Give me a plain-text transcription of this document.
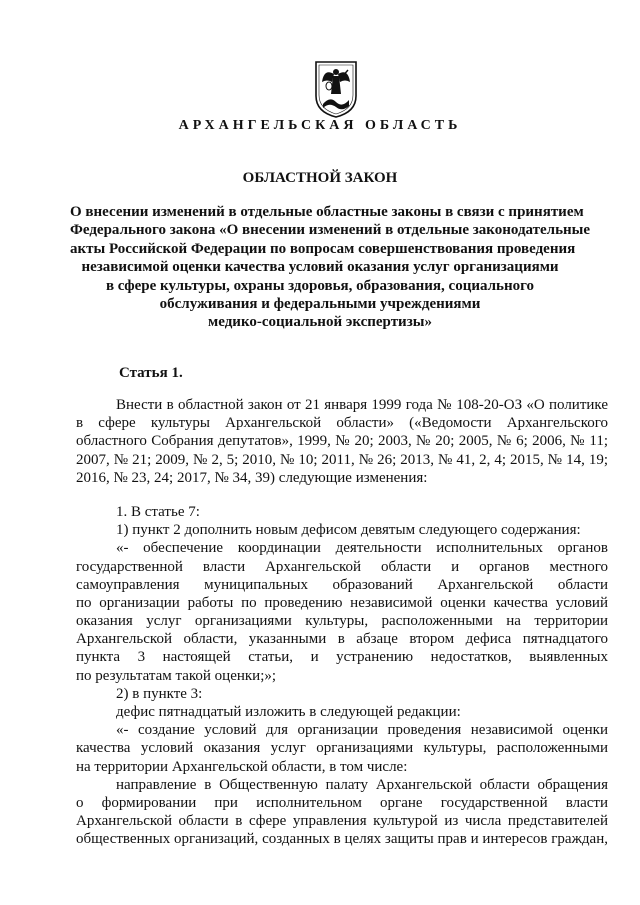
АРХАНГЕЛЬСКАЯ ОБЛАСТЬ
ОБЛАСТНОЙ ЗАКОН
О внесении изменений в отдельные областные законы в связи с принятием
Федерального закона «О внесении изменений в отдельные законодательные
акты Российской Федерации по вопросам совершенствования проведения
независимой оценки качества условий оказания услуг организациями
в сфере культуры, охраны здоровья, образования, социального
обслуживания и федеральными учреждениями
медико-социальной экспертизы»
Статья 1.
Внести в областной закон от 21 января 1999 года № 108-20-ОЗ «О политике
в сфере культуры Архангельской области» («Ведомости Архангельского
областного Собрания депутатов», 1999, № 20; 2003, № 20; 2005, № 6; 2006, № 11;
2007, № 21; 2009, № 2, 5; 2010, № 10; 2011, № 26; 2013, № 41, 2, 4; 2015, № 14, 19;
2016, № 23, 24; 2017, № 34, 39) следующие изменения:
1. В статье 7:
1) пункт 2 дополнить новым дефисом девятым следующего содержания:
«- обеспечение координации деятельности исполнительных органов
государственной власти Архангельской области и органов местного
самоуправления муниципальных образований Архангельской области
по организации работы по проведению независимой оценки качества условий
оказания услуг организациями культуры, расположенными на территории
Архангельской области, указанными в абзаце втором дефиса пятнадцатого
пункта 3 настоящей статьи, и устранению недостатков, выявленных
по результатам такой оценки;»;
2) в пункте 3:
дефис пятнадцатый изложить в следующей редакции:
«- создание условий для организации проведения независимой оценки
качества условий оказания услуг организациями культуры, расположенными
на территории Архангельской области, в том числе:
направление в Общественную палату Архангельской области обращения
о формировании при исполнительном органе государственной власти
Архангельской области в сфере управления культурой из числа представителей
общественных организаций, созданных в целях защиты прав и интересов граждан,
